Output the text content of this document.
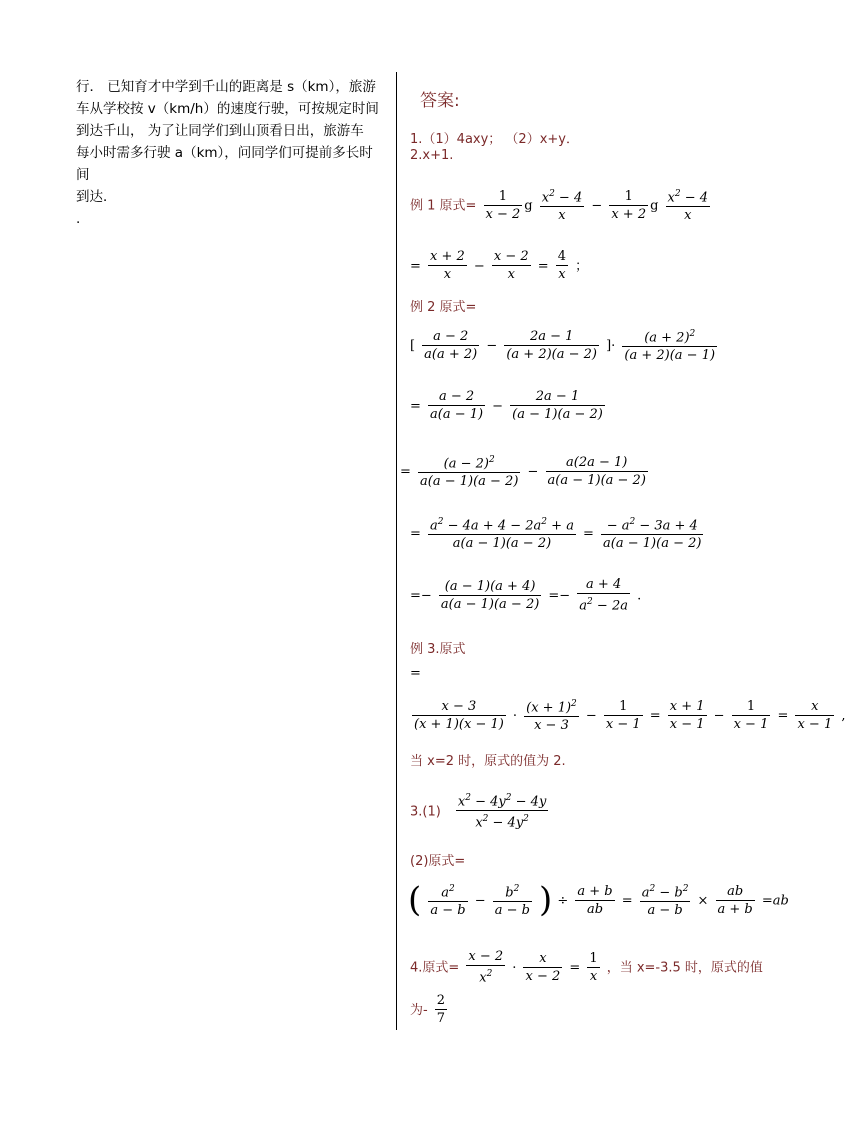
行． 已知育才中学到千山的距离是 s（km），旅游

车从学校按 v（km/h）的速度行驶，可按规定时间

到达千山， 为了让同学们到山顶看日出，旅游车

每小时需多行驶 a（km），问同学们可提前多长时间

到达．

.

答案:
1.（1）4axy； （2）x+y．
2.x+1.
例 1 原式= $\frac{1}{x - 2}$ g $\frac{x^2 - 4}{x} - \frac{1}{x + 2}$ g $\frac{x^2 - 4}{x}$
= $\frac{x + 2}{x} - \frac{x - 2}{x} = \frac{4}{x}$ ；
例 2 原式=
[ $\frac{a - 2}{a(a + 2)} - \frac{2a - 1}{(a + 2)(a - 2)}$ ]· $\frac{(a + 2)^2}{(a + 2)(a - 1)}$
= $\frac{a - 2}{a(a - 1)} - \frac{2a - 1}{(a - 1)(a - 2)}$
= $\frac{(a - 2)^2}{a(a - 1)(a - 2)} - \frac{a(2a - 1)}{a(a - 1)(a - 2)}$
= $\frac{a^2 - 4a + 4 - 2a^2 + a}{a(a - 1)(a - 2)} = \frac{- a^2 - 3a + 4}{a(a - 1)(a - 2)}$
=− $\frac{(a - 1)(a + 4)}{a(a - 1)(a - 2)} =- \frac{a + 4}{a^2 - 2a}$ .
例 3.原式
=
$\frac{x - 3}{(x + 1)(x - 1)} \cdot \frac{(x + 1)^2}{x - 3} - \frac{1}{x - 1} = \frac{x + 1}{x - 1} - \frac{1}{x - 1} = \frac{x}{x - 1}$
当 x=2 时，原式的值为 2.
$3.(1) \frac{x^2 - 4y^2 - 4y}{x^2 - 4y^2}$
(2)原式=
( $\frac{a^2}{a - b} - \frac{b^2}{a - b}$ ) ÷ $\frac{a + b}{ab} = \frac{a^2 - b^2}{a - b} \times \frac{ab}{a + b} =ab$
4.原式= $\frac{x - 2}{x^2} \cdot \frac{x}{x - 2} = \frac{1}{x}$ ，当 x=-3.5 时，原式的值
为- $\frac{2}{7}$
